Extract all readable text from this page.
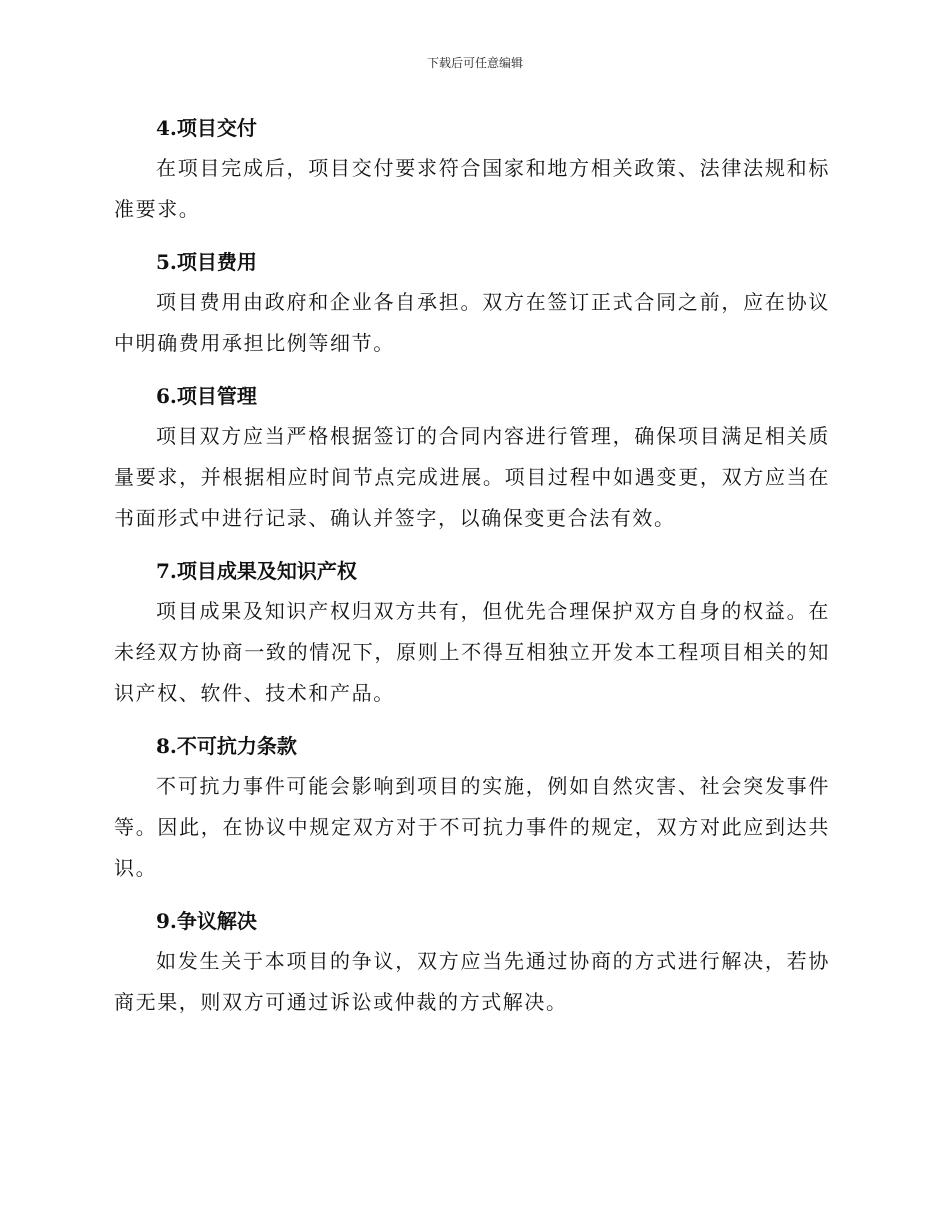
下载后可任意编辑
4.项目交付

在项目完成后，项目交付要求符合国家和地方相关政策、法律法规和标准要求。

5.项目费用

项目费用由政府和企业各自承担。双方在签订正式合同之前，应在协议中明确费用承担比例等细节。

6.项目管理

项目双方应当严格根据签订的合同内容进行管理，确保项目满足相关质量要求，并根据相应时间节点完成进展。项目过程中如遇变更，双方应当在书面形式中进行记录、确认并签字，以确保变更合法有效。

7.项目成果及知识产权

项目成果及知识产权归双方共有，但优先合理保护双方自身的权益。在未经双方协商一致的情况下，原则上不得互相独立开发本工程项目相关的知识产权、软件、技术和产品。

8.不可抗力条款

不可抗力事件可能会影响到项目的实施，例如自然灾害、社会突发事件等。因此，在协议中规定双方对于不可抗力事件的规定，双方对此应到达共识。

9.争议解决

如发生关于本项目的争议，双方应当先通过协商的方式进行解决，若协商无果，则双方可通过诉讼或仲裁的方式解决。
